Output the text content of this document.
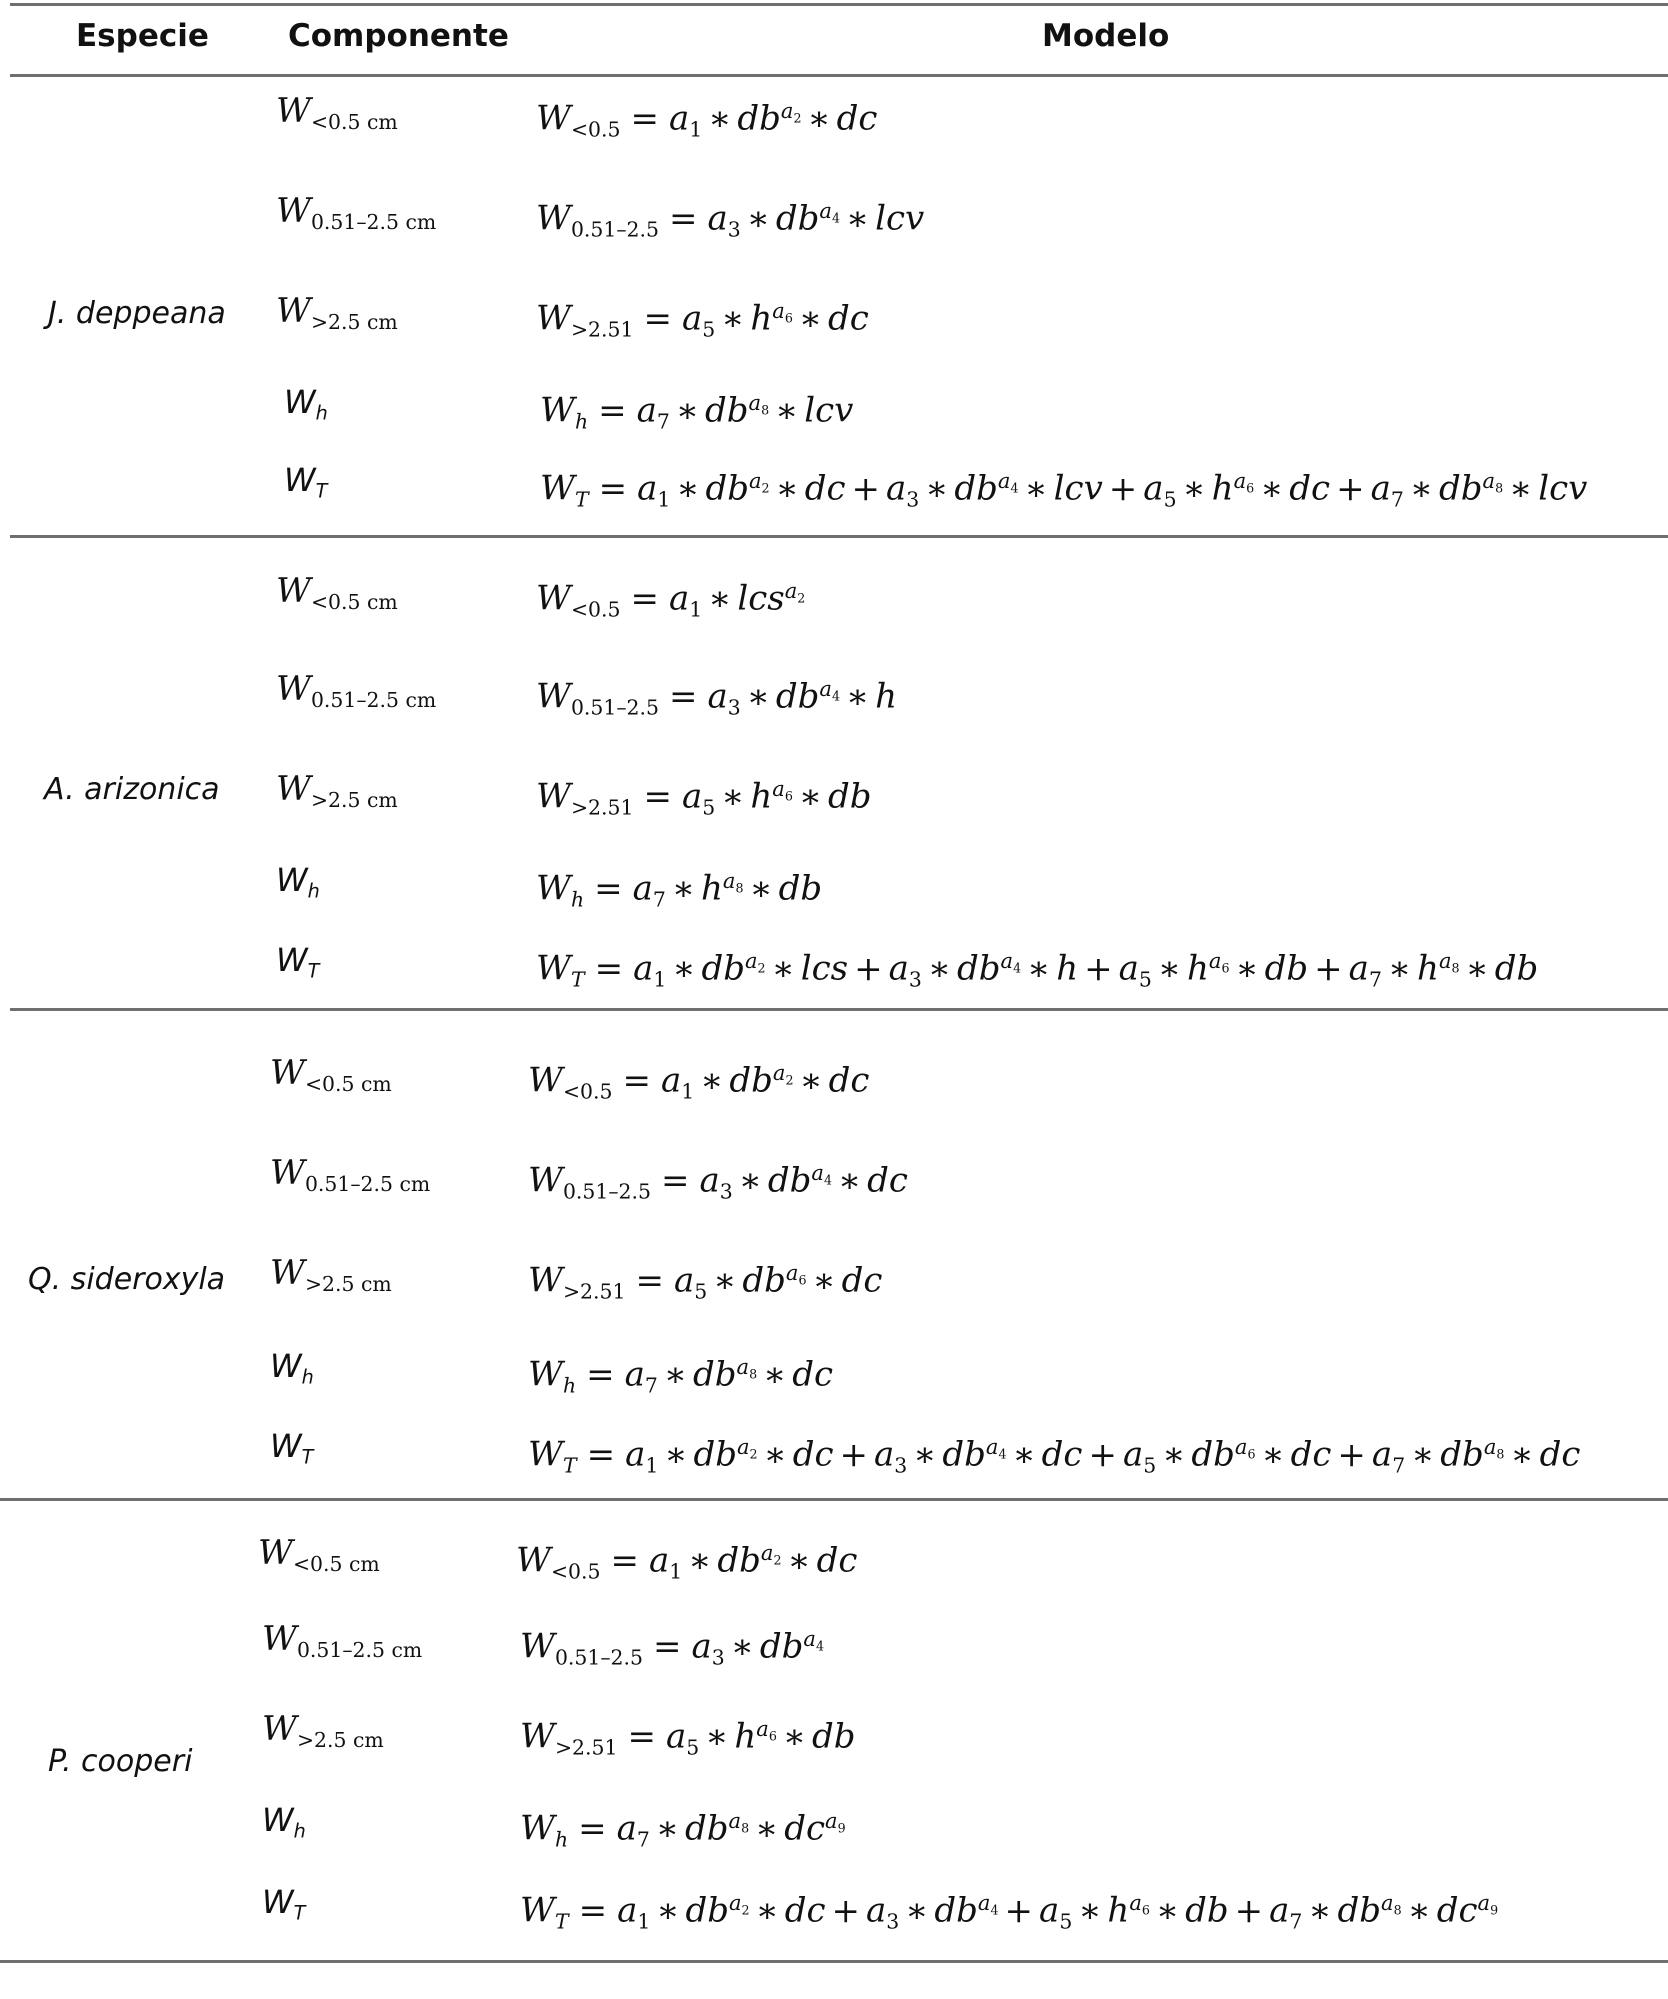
Especie	Componente	Modelo
J. deppeana
$W_{<0.5 cm}$	$W_{<0.5} = a_1$ ∗ $db^{a_2}$ ∗ dc
$W_{0.51-2.5 cm}$	$W_{0.51-2.5} = a_3$ ∗ $db^{a_4}$ ∗ lcv
$W_{>2.5 cm}$	$W_{>2.51} = a_5$ ∗ $h^{a_6}$ ∗ dc
$W_h$	$W_h = a_7$ ∗ $db^{a_8}$ ∗ lcv
$W_T$	$W_T = a_1$ ∗ $db^{a_2}$ ∗ dc + $a_3$ ∗ $db^{a_4}$ ∗ lcv + $a_5$ ∗ $h^{a_6}$ ∗ dc + $a_7$ ∗ $db^{a_8}$ ∗ lcv
A. arizonica
$W_{<0.5 cm}$	$W_{<0.5} = a_1$ ∗ lcs$^{a_2}$
$W_{0.51-2.5 cm}$	$W_{0.51-2.5} = a_3$ ∗ $db^{a_4}$ ∗ h
$W_{>2.5 cm}$	$W_{>2.51} = a_5$ ∗ $h^{a_6}$ ∗ db
$W_h$	$W_h = a_7$ ∗ $h^{a_8}$ ∗ db
$W_T$	$W_T = a_1$ ∗ $db^{a_2}$ ∗ lcs + $a_3$ ∗ $db^{a_4}$ ∗ $h + a_5$ ∗ $h^{a_6}$ ∗ db + $a_7$ ∗ $h^{a_8}$ ∗ db
Q. sideroxyla
$W_{<0.5 cm}$	$W_{<0.5} = a_1$ ∗ $db^{a_2}$ ∗ dc
$W_{0.51-2.5 cm}$	$W_{0.51-2.5} = a_3$ ∗ $db^{a_4}$ ∗ dc
$W_{>2.5 cm}$	$W_{>2.51} = a_5$ ∗ $db^{a_6}$ ∗ dc
$W_h$	$W_h = a_7$ ∗ $db^{a_8}$ ∗ dc
$W_T$	$W_T = a_1$ ∗ $db^{a_2}$ ∗ dc + $a_3$ ∗ $db^{a_4}$ ∗ dc + $a_5$ ∗ $db^{a_6}$ ∗ dc + $a_7$ ∗ $db^{a_8}$ ∗ dc
P. cooperi
$W_{<0.5 cm}$	$W_{<0.5} = a_1$ ∗ $db^{a_2}$ ∗ dc
$W_{0.51-2.5 cm}$	$W_{0.51-2.5} = a_3$ ∗ $db^{a_4}$
$W_{>2.5 cm}$	$W_{>2.51} = a_5$ ∗ $h^{a_6}$ ∗ db
$W_h$	$W_h = a_7$ ∗ $db^{a_8}$ ∗ $dc^{a_9}$
$W_T$	$W_T = a_1$ ∗ $db^{a_2}$ ∗ dc + $a_3$ ∗ $db^{a_4} + a_5$ ∗ $h^{a_6}$ ∗ db + $a_7$ ∗ $db^{a_8}$ ∗ $dc^{a_9}$
